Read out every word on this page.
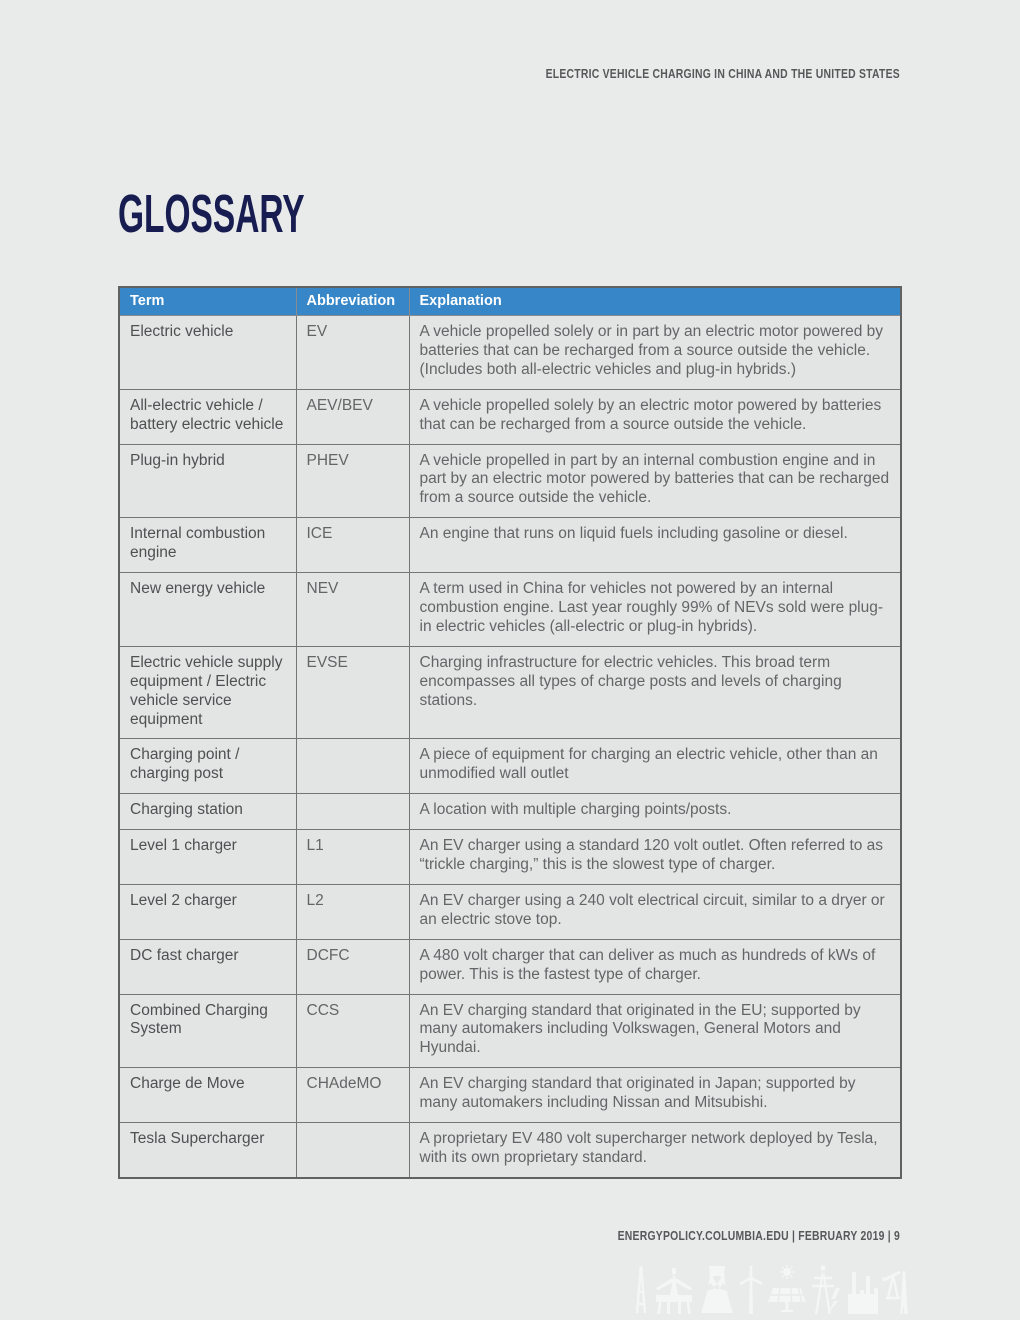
ELECTRIC VEHICLE CHARGING IN CHINA AND THE UNITED STATES
GLOSSARY
Term	Abbreviation	Explanation
Electric vehicle	EV	A vehicle propelled solely or in part by an electric motor powered by batteries that can be recharged from a source outside the vehicle. (Includes both all-electric vehicles and plug-in hybrids.)
All-electric vehicle / battery electric vehicle	AEV/BEV	A vehicle propelled solely by an electric motor powered by batteries that can be recharged from a source outside the vehicle.
Plug-in hybrid	PHEV	A vehicle propelled in part by an internal combustion engine and in part by an electric motor powered by batteries that can be recharged from a source outside the vehicle.
Internal combustion engine	ICE	An engine that runs on liquid fuels including gasoline or diesel.
New energy vehicle	NEV	A term used in China for vehicles not powered by an internal combustion engine. Last year roughly 99% of NEVs sold were plug-in electric vehicles (all-electric or plug-in hybrids).
Electric vehicle supply equipment / Electric vehicle service equipment	EVSE	Charging infrastructure for electric vehicles. This broad term encompasses all types of charge posts and levels of charging stations.
Charging point / charging post		A piece of equipment for charging an electric vehicle, other than an unmodified wall outlet
Charging station		A location with multiple charging points/posts.
Level 1 charger	L1	An EV charger using a standard 120 volt outlet. Often referred to as “trickle charging,” this is the slowest type of charger.
Level 2 charger	L2	An EV charger using a 240 volt electrical circuit, similar to a dryer or an electric stove top.
DC fast charger	DCFC	A 480 volt charger that can deliver as much as hundreds of kWs of power. This is the fastest type of charger.
Combined Charging System	CCS	An EV charging standard that originated in the EU; supported by many automakers including Volkswagen, General Motors and Hyundai.
Charge de Move	CHAdeMO	An EV charging standard that originated in Japan; supported by many automakers including Nissan and Mitsubishi.
Tesla Supercharger		A proprietary EV 480 volt supercharger network deployed by Tesla, with its own proprietary standard.
ENERGYPOLICY.COLUMBIA.EDU | FEBRUARY 2019 | 9
